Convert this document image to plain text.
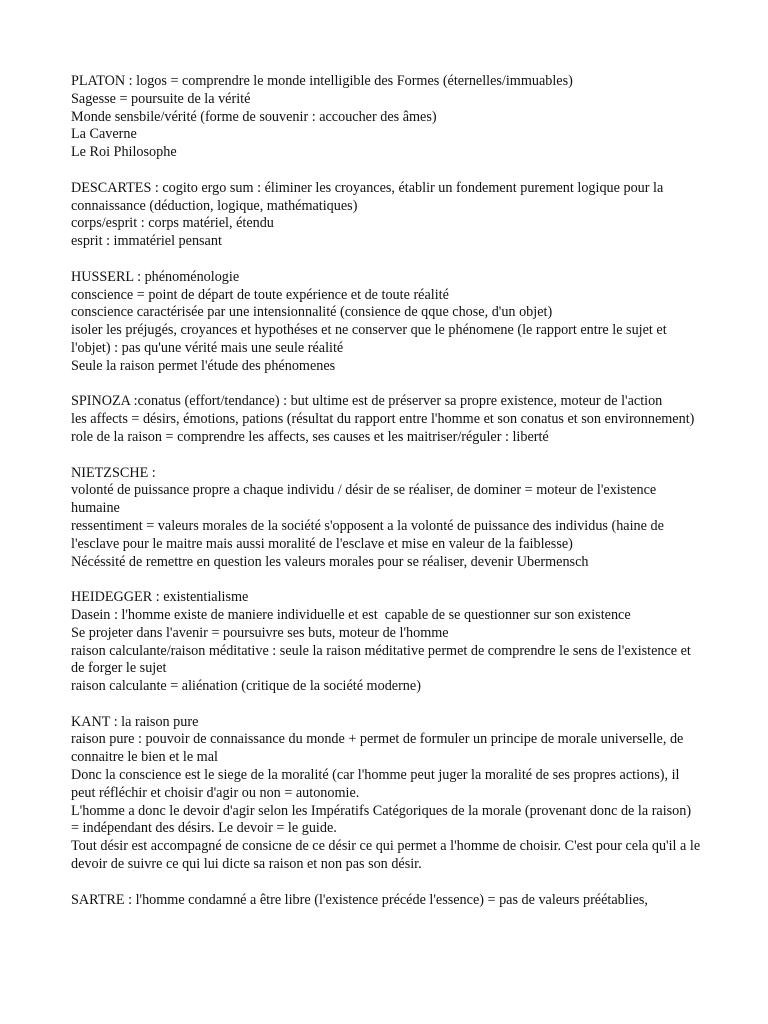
PLATON : logos = comprendre le monde intelligible des Formes (éternelles/immuables)
Sagesse = poursuite de la vérité
Monde sensbile/vérité (forme de souvenir : accoucher des âmes)
La Caverne
Le Roi Philosophe
DESCARTES : cogito ergo sum : éliminer les croyances, établir un fondement purement logique pour la connaissance (déduction, logique, mathématiques)
corps/esprit : corps matériel, étendu
esprit : immatériel pensant
HUSSERL : phénoménologie
conscience = point de départ de toute expérience et de toute réalité
conscience caractérisée par une intensionnalité (consience de qque chose, d'un objet)
isoler les préjugés, croyances et hypothéses et ne conserver que le phénomene (le rapport entre le sujet et l'objet) : pas qu'une vérité mais une seule réalité
Seule la raison permet l'étude des phénomenes
SPINOZA :conatus (effort/tendance) : but ultime est de préserver sa propre existence, moteur de l'action
les affects = désirs, émotions, pations (résultat du rapport entre l'homme et son conatus et son environnement)
role de la raison = comprendre les affects, ses causes et les maitriser/réguler : liberté
NIETZSCHE :
volonté de puissance propre a chaque individu / désir de se réaliser, de dominer = moteur de l'existence humaine
ressentiment = valeurs morales de la société s'opposent a la volonté de puissance des individus (haine de l'esclave pour le maitre mais aussi moralité de l'esclave et mise en valeur de la faiblesse)
Nécéssité de remettre en question les valeurs morales pour se réaliser, devenir Ubermensch
HEIDEGGER : existentialisme
Dasein : l'homme existe de maniere individuelle et est  capable de se questionner sur son existence
Se projeter dans l'avenir = poursuivre ses buts, moteur de l'homme
raison calculante/raison méditative : seule la raison méditative permet de comprendre le sens de l'existence et de forger le sujet
raison calculante = aliénation (critique de la société moderne)
KANT : la raison pure
raison pure : pouvoir de connaissance du monde + permet de formuler un principe de morale universelle, de connaitre le bien et le mal
Donc la conscience est le siege de la moralité (car l'homme peut juger la moralité de ses propres actions), il peut réfléchir et choisir d'agir ou non = autonomie.
L'homme a donc le devoir d'agir selon les Impératifs Catégoriques de la morale (provenant donc de la raison) = indépendant des désirs. Le devoir = le guide.
Tout désir est accompagné de consicne de ce désir ce qui permet a l'homme de choisir. C'est pour cela qu'il a le devoir de suivre ce qui lui dicte sa raison et non pas son désir.
SARTRE : l'homme condamné a être libre (l'existence précéde l'essence) = pas de valeurs préétablies,
